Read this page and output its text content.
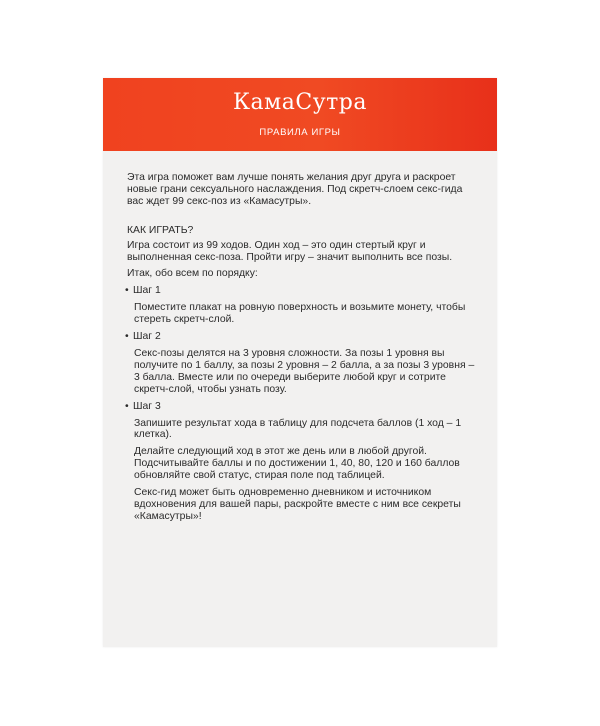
КамаСутра
ПРАВИЛА ИГРЫ

Эта игра поможет вам лучше понять желания друг друга и раскроет новые грани сексуального наслаждения. Под скретч-слоем секс-гида вас ждет 99 секс-поз из «Камасутры».

КАК ИГРАТЬ?

Игра состоит из 99 ходов. Один ход – это один стертый круг и выполненная секс-поза. Пройти игру – значит выполнить все позы.

Итак, обо всем по порядку:

• Шаг 1

Поместите плакат на ровную поверхность и возьмите монету, чтобы стереть скретч-слой.

• Шаг 2

Секс-позы делятся на 3 уровня сложности. За позы 1 уровня вы получите по 1 баллу, за позы 2 уровня – 2 балла, а за позы 3 уровня – 3 балла. Вместе или по очереди выберите любой круг и сотрите скретч-слой, чтобы узнать позу.

• Шаг 3

Запишите результат хода в таблицу для подсчета баллов (1 ход – 1 клетка).

Делайте следующий ход в этот же день или в любой другой. Подсчитывайте баллы и по достижении 1, 40, 80, 120 и 160 баллов обновляйте свой статус, стирая поле под таблицей.

Секс-гид может быть одновременно дневником и источником вдохновения для вашей пары, раскройте вместе с ним все секреты «Камасутры»!
